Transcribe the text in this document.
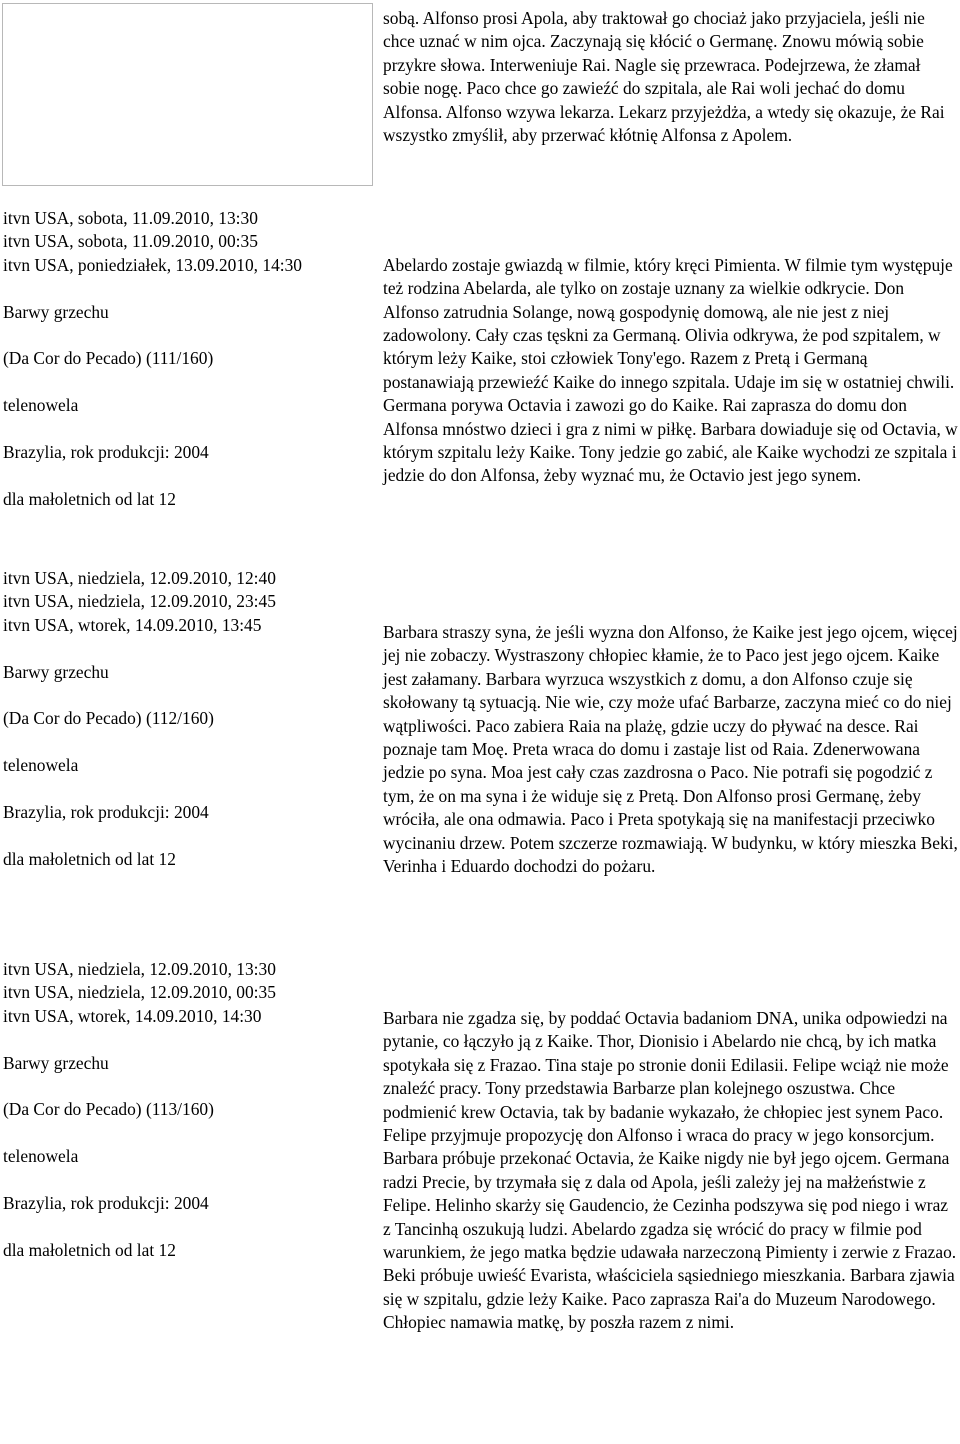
sobą. Alfonso prosi Apola, aby traktował go chociaż jako przyjaciela, jeśli nie chce uznać w nim ojca. Zaczynają się kłócić o Germanę. Znowu mówią sobie przykre słowa. Interweniuje Rai. Nagle się przewraca. Podejrzewa, że złamał sobie nogę. Paco chce go zawieźć do szpitala, ale Rai woli jechać do domu Alfonsa. Alfonso wzywa lekarza. Lekarz przyjeżdża, a wtedy się okazuje, że Rai wszystko zmyślił, aby przerwać kłótnię Alfonsa z Apolem.

itvn USA, sobota, 11.09.2010, 13:30
itvn USA, sobota, 11.09.2010, 00:35
itvn USA, poniedziałek, 13.09.2010, 14:30
Barwy grzechu
(Da Cor do Pecado) (111/160)
telenowela
Brazylia, rok produkcji: 2004
dla małoletnich od lat 12

Abelardo zostaje gwiazdą w filmie, który kręci Pimienta. W filmie tym występuje też rodzina Abelarda, ale tylko on zostaje uznany za wielkie odkrycie. Don Alfonso zatrudnia Solange, nową gospodynię domową, ale nie jest z niej zadowolony. Cały czas tęskni za Germaną. Olivia odkrywa, że pod szpitalem, w którym leży Kaike, stoi człowiek Tony'ego. Razem z Pretą i Germaną postanawiają przewieźć Kaike do innego szpitala. Udaje im się w ostatniej chwili. Germana porywa Octavia i zawozi go do Kaike. Rai zaprasza do domu don Alfonsa mnóstwo dzieci i gra z nimi w piłkę. Barbara dowiaduje się od Octavia, w którym szpitalu leży Kaike. Tony jedzie go zabić, ale Kaike wychodzi ze szpitala i jedzie do don Alfonsa, żeby wyznać mu, że Octavio jest jego synem.

itvn USA, niedziela, 12.09.2010, 12:40
itvn USA, niedziela, 12.09.2010, 23:45
itvn USA, wtorek, 14.09.2010, 13:45
Barwy grzechu
(Da Cor do Pecado) (112/160)
telenowela
Brazylia, rok produkcji: 2004
dla małoletnich od lat 12

Barbara straszy syna, że jeśli wyzna don Alfonso, że Kaike jest jego ojcem, więcej jej nie zobaczy. Wystraszony chłopiec kłamie, że to Paco jest jego ojcem. Kaike jest załamany. Barbara wyrzuca wszystkich z domu, a don Alfonso czuje się skołowany tą sytuacją. Nie wie, czy może ufać Barbarze, zaczyna mieć co do niej wątpliwości. Paco zabiera Raia na plażę, gdzie uczy do pływać na desce. Rai poznaje tam Moę. Preta wraca do domu i zastaje list od Raia. Zdenerwowana jedzie po syna. Moa jest cały czas zazdrosna o Paco. Nie potrafi się pogodzić z tym, że on ma syna i że widuje się z Pretą. Don Alfonso prosi Germanę, żeby wróciła, ale ona odmawia. Paco i Preta spotykają się na manifestacji przeciwko wycinaniu drzew. Potem szczerze rozmawiają. W budynku, w który mieszka Beki, Verinha i Eduardo dochodzi do pożaru.

itvn USA, niedziela, 12.09.2010, 13:30
itvn USA, niedziela, 12.09.2010, 00:35
itvn USA, wtorek, 14.09.2010, 14:30
Barwy grzechu
(Da Cor do Pecado) (113/160)
telenowela
Brazylia, rok produkcji: 2004
dla małoletnich od lat 12

Barbara nie zgadza się, by poddać Octavia badaniom DNA, unika odpowiedzi na pytanie, co łączyło ją z Kaike. Thor, Dionisio i Abelardo nie chcą, by ich matka spotykała się z Frazao. Tina staje po stronie donii Edilasii. Felipe wciąż nie może znaleźć pracy. Tony przedstawia Barbarze plan kolejnego oszustwa. Chce podmienić krew Octavia, tak by badanie wykazało, że chłopiec jest synem Paco. Felipe przyjmuje propozycję don Alfonso i wraca do pracy w jego konsorcjum. Barbara próbuje przekonać Octavia, że Kaike nigdy nie był jego ojcem. Germana radzi Precie, by trzymała się z dala od Apola, jeśli zależy jej na małżeństwie z Felipe. Helinho skarży się Gaudencio, że Cezinha podszywa się pod niego i wraz z Tancinhą oszukują ludzi. Abelardo zgadza się wrócić do pracy w filmie pod warunkiem, że jego matka będzie udawała narzeczoną Pimienty i zerwie z Frazao. Beki próbuje uwieść Evarista, właściciela sąsiedniego mieszkania. Barbara zjawia się w szpitalu, gdzie leży Kaike. Paco zaprasza Rai'a do Muzeum Narodowego. Chłopiec namawia matkę, by poszła razem z nimi.
